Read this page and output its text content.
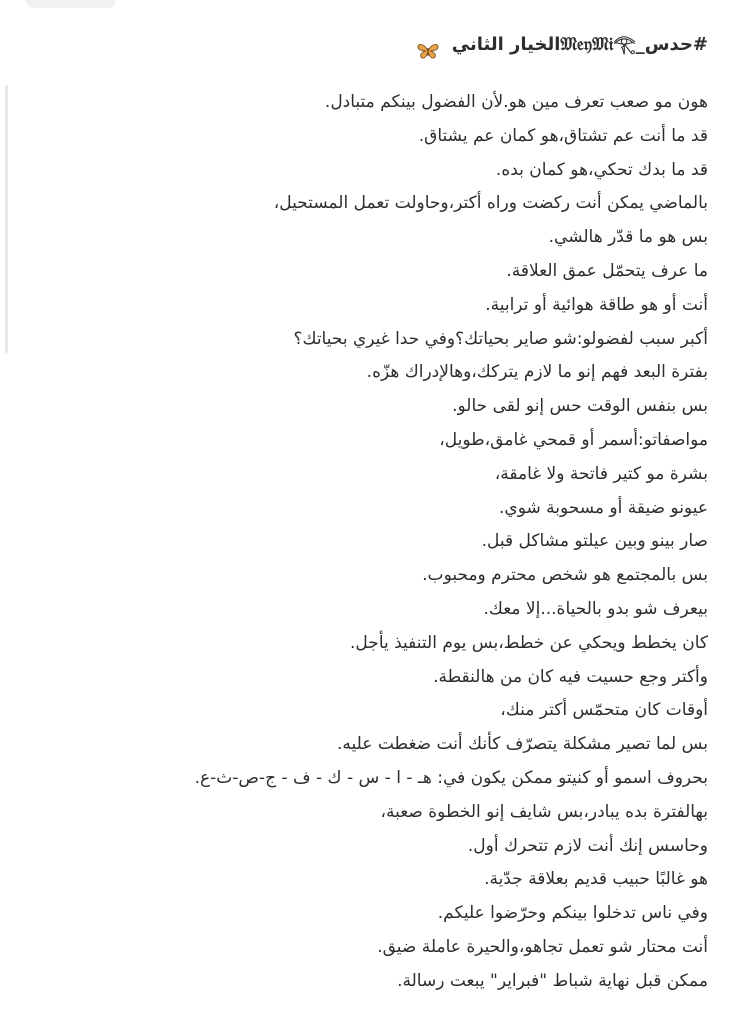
#حدس_𝔐𝔢𝔶𝔐𝔦𓂀الخيار الثاني
هون مو صعب تعرف مين هو.لأن الفضول بينكم متبادل.
قد ما أنت عم تشتاق،هو كمان عم يشتاق.
قد ما بدك تحكي،هو كمان بده.
بالماضي يمكن أنت ركضت وراه أكتر،وحاولت تعمل المستحيل،
بس هو ما قدّر هالشي.
ما عرف يتحمّل عمق العلاقة.
أنت أو هو طاقة هوائية أو ترابية.
أكبر سبب لفضولو:شو صاير بحياتك؟وفي حدا غيري بحياتك؟
بفترة البعد فهم إنو ما لازم يتركك،وهالإدراك هزّه.
بس بنفس الوقت حس إنو لقى حالو.
مواصفاتو:أسمر أو قمحي غامق،طويل،
بشرة مو كتير فاتحة ولا غامقة،
عيونو ضيقة أو مسحوبة شوي.
صار بينو وبين عيلتو مشاكل قبل.
بس بالمجتمع هو شخص محترم ومحبوب.
بيعرف شو بدو بالحياة...إلا معك.
كان يخطط ويحكي عن خطط،بس يوم التنفيذ يأجل.
وأكتر وجع حسيت فيه كان من هالنقطة.
أوقات كان متحمّس أكتر منك،
بس لما تصير مشكلة يتصرّف كأنك أنت ضغطت عليه.
بحروف اسمو أو كنيتو ممكن يكون في: هـ - ا - س - ك - ف - ج-ص-ث-ع.
بهالفترة بده يبادر،بس شايف إنو الخطوة صعبة،
وحاسس إنك أنت لازم تتحرك أول.
هو غالبًا حبيب قديم بعلاقة جدّية.
وفي ناس تدخلوا بينكم وحرّضوا عليكم.
أنت محتار شو تعمل تجاهو،والحيرة عاملة ضيق.
ممكن قبل نهاية شباط "فبراير" يبعت رسالة.
